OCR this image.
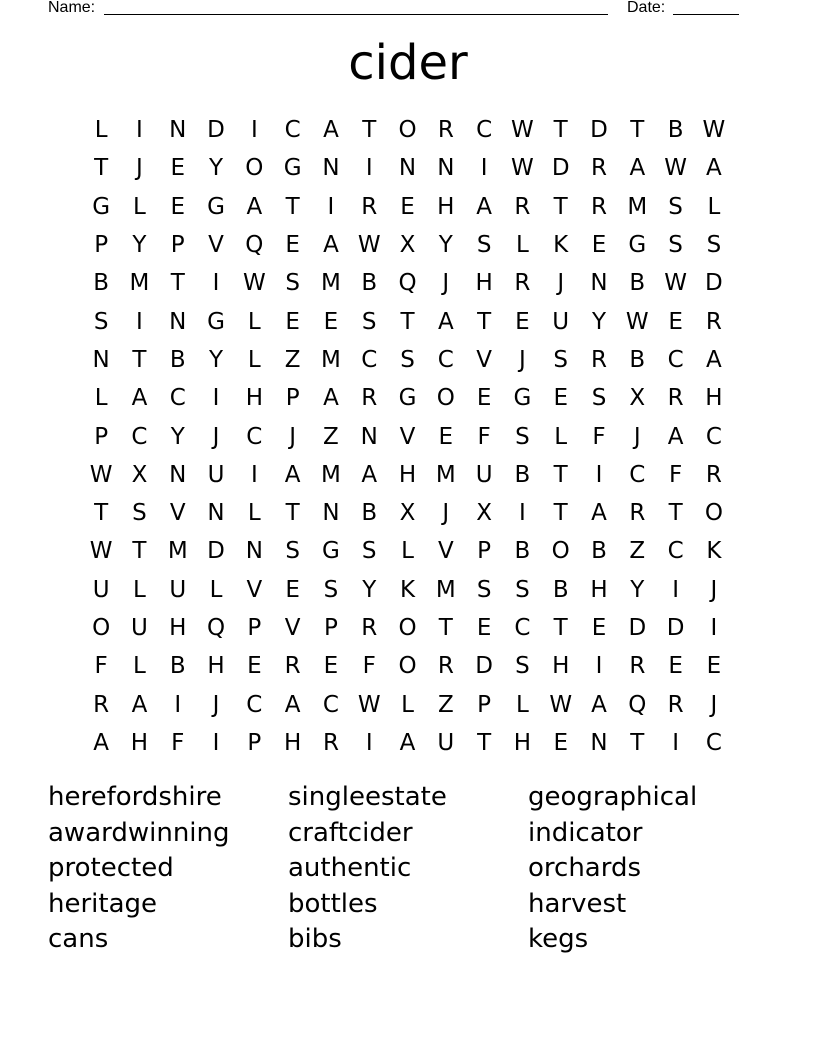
Name:	Date:
cider
L	I	N D	I	C A	T O R C W T D T	B W
T	J	E	Y O G N	I	N N	I	W D R A W A
G L	E G A	T	I	R	E H A R	T	R M S	L
P	Y	P	V Q E	A W X	Y	S	L	K	E G S	S
B M T	I	W S M B Q	J	H R	J	N B W D
S	I	N G L	E	E	S	T	A	T	E U Y W E	R
N T	B	Y	L	Z M C S C V	J	S	R B C A
L	A C	I	H P	A R G O E G E	S	X R H
P	C	Y	J	C	J	Z N V	E	F	S	L	F	J	A C
W X N U	I	A M A H M U B	T	I	C	F	R
T	S	V N	L	T N B X	J	X	I	T	A R	T O
W T M D N S G S	L	V	P	B O B Z C K
U	L	U	L	V	E	S	Y	K M S	S	B H Y	I	J
O U H Q P	V	P	R O T	E C	T	E D D	I
F	L	B H E	R	E	F O R D S H	I	R	E	E
R A	I	J	C A C W L	Z	P	L W A Q R	J
A H	F	I	P H R	I	A U T H E N T	I	C
herefordshire	singleestate	geographical
awardwinning	craftcider	indicator
protected	authentic	orchards
heritage	bottles	harvest
cans	bibs	kegs
